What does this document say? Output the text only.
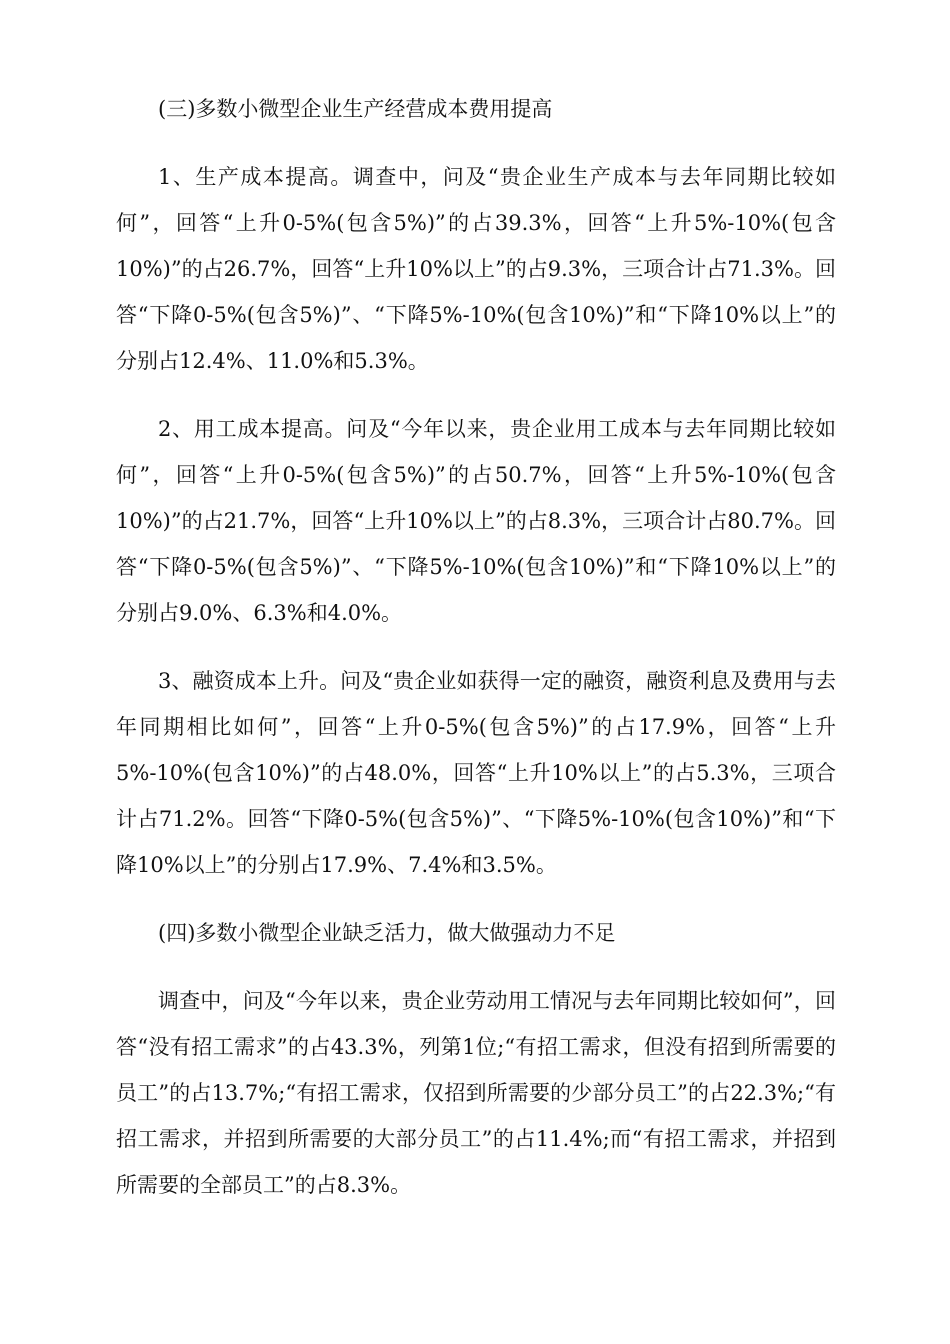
(三)多数小微型企业生产经营成本费用提高

1、生产成本提高。调查中，问及“贵企业生产成本与去年同期比较如何”，回答“上升0-5%(包含5%)”的占39.3%，回答“上升5%-10%(包含10%)”的占26.7%，回答“上升10%以上”的占9.3%，三项合计占71.3%。回答“下降0-5%(包含5%)”、“下降5%-10%(包含10%)”和“下降10%以上”的分别占12.4%、11.0%和5.3%。

2、用工成本提高。问及“今年以来，贵企业用工成本与去年同期比较如何”，回答“上升0-5%(包含5%)”的占50.7%，回答“上升5%-10%(包含10%)”的占21.7%，回答“上升10%以上”的占8.3%，三项合计占80.7%。回答“下降0-5%(包含5%)”、“下降5%-10%(包含10%)”和“下降10%以上”的分别占9.0%、6.3%和4.0%。

3、融资成本上升。问及“贵企业如获得一定的融资，融资利息及费用与去年同期相比如何”，回答“上升0-5%(包含5%)”的占17.9%，回答“上升5%-10%(包含10%)”的占48.0%，回答“上升10%以上”的占5.3%，三项合计占71.2%。回答“下降0-5%(包含5%)”、“下降5%-10%(包含10%)”和“下降10%以上”的分别占17.9%、7.4%和3.5%。

(四)多数小微型企业缺乏活力，做大做强动力不足

调查中，问及“今年以来，贵企业劳动用工情况与去年同期比较如何”，回答“没有招工需求”的占43.3%，列第1位;“有招工需求，但没有招到所需要的员工”的占13.7%;“有招工需求，仅招到所需要的少部分员工”的占22.3%;“有招工需求，并招到所需要的大部分员工”的占11.4%;而“有招工需求，并招到所需要的全部员工”的占8.3%。
